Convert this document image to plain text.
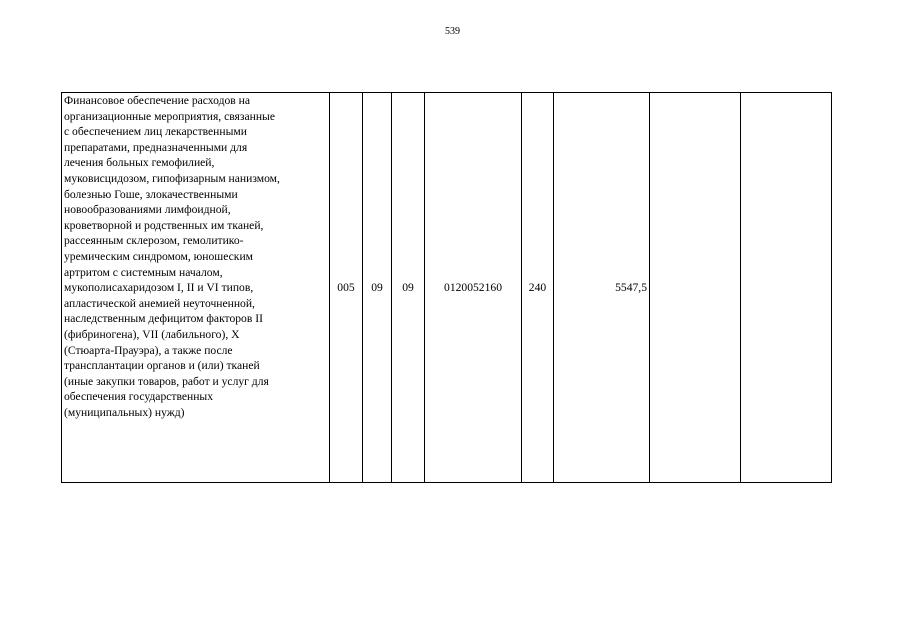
539
Финансовое обеспечение расходов на
организационные мероприятия, связанные
с обеспечением лиц лекарственными
препаратами, предназначенными для
лечения больных гемофилией,
муковисцидозом, гипофизарным нанизмом,
болезнью Гоше, злокачественными
новообразованиями лимфоидной,
кроветворной и родственных им тканей,
рассеянным склерозом, гемолитико-
уремическим синдромом, юношеским
артритом с системным началом,
мукополисахаридозом I, II и VI типов,
апластической анемией неуточненной,
наследственным дефицитом факторов II
(фибриногена), VII (лабильного), X
(Стюарта-Прауэра), а также после
трансплантации органов и (или) тканей
(иные закупки товаров, работ и услуг для
обеспечения государственных
(муниципальных) нужд)
	005	09	09	0120052160	240	5547,5		
